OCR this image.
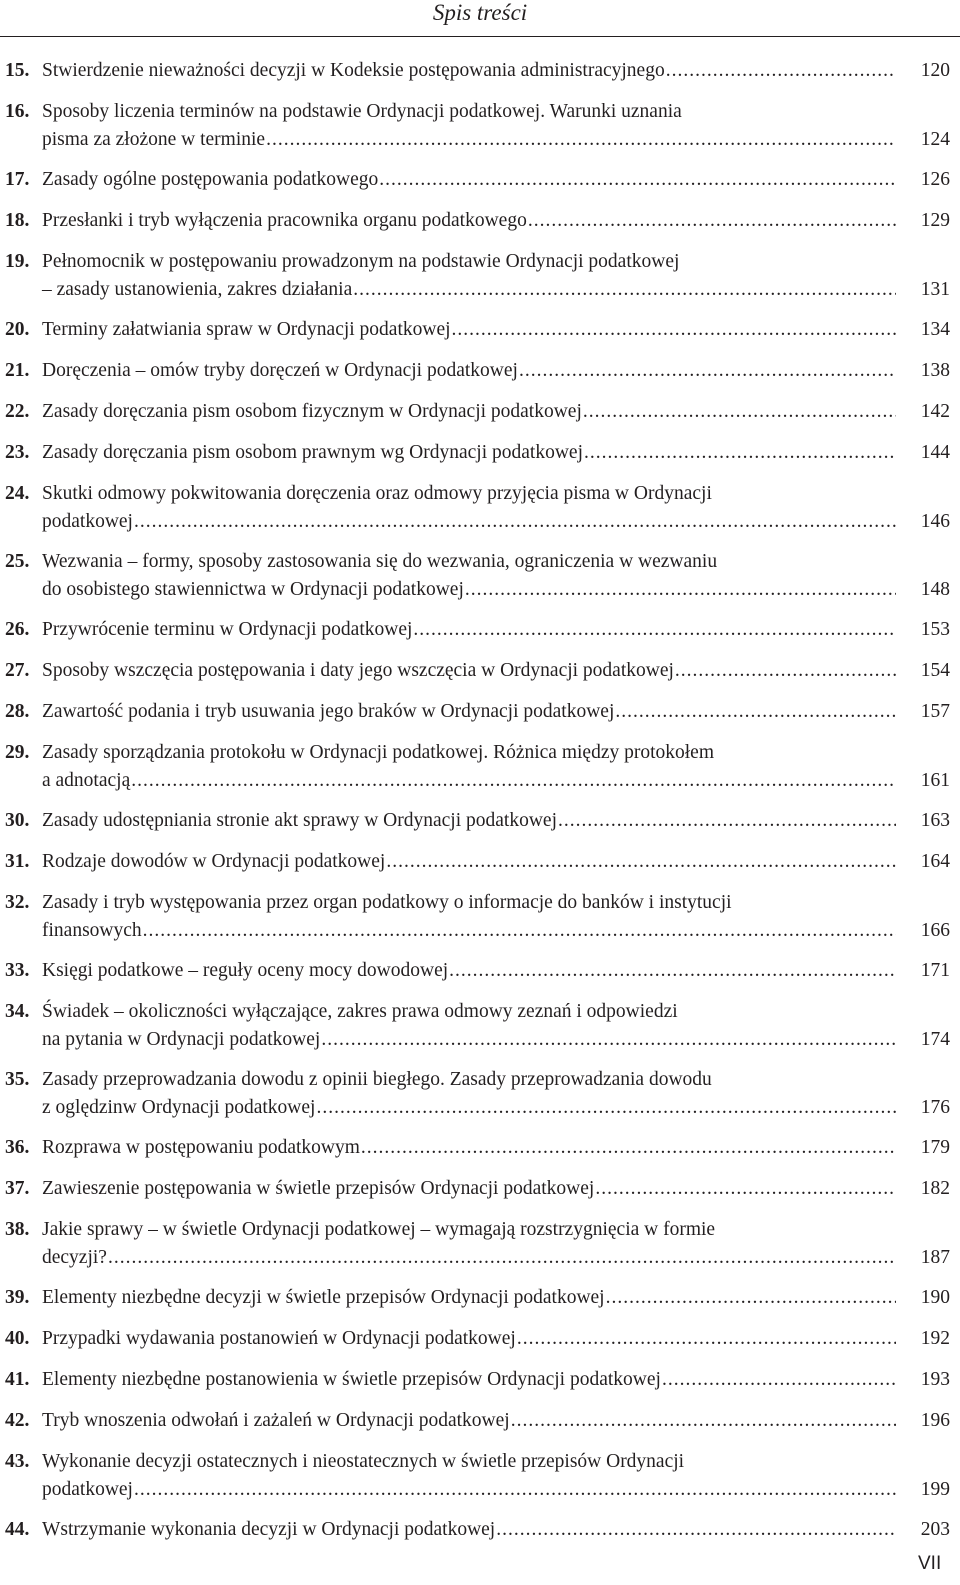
Spis treści
15. Stwierdzenie nieważności decyzji w Kodeksie postępowania administracyjnego .....	120
16. Sposoby liczenia terminów na podstawie Ordynacji podatkowej. Warunki uznania
pisma za złożone w terminie .....	124
17. Zasady ogólne postępowania podatkowego .....	126
18. Przesłanki i tryb wyłączenia pracownika organu podatkowego .....	129
19. Pełnomocnik w postępowaniu prowadzonym na podstawie Ordynacji podatkowej
– zasady ustanowienia, zakres działania .....	131
20. Terminy załatwiania spraw w Ordynacji podatkowej .....	134
21. Doręczenia – omów tryby doręczeń w Ordynacji podatkowej .....	138
22. Zasady doręczania pism osobom fizycznym w Ordynacji podatkowej .....	142
23. Zasady doręczania pism osobom prawnym wg Ordynacji podatkowej .....	144
24. Skutki odmowy pokwitowania doręczenia oraz odmowy przyjęcia pisma w Ordynacji
podatkowej .....	146
25. Wezwania – formy, sposoby zastosowania się do wezwania, ograniczenia w wezwaniu
do osobistego stawiennictwa w Ordynacji podatkowej .....	148
26. Przywrócenie terminu w Ordynacji podatkowej .....	153
27. Sposoby wszczęcia postępowania i daty jego wszczęcia w Ordynacji podatkowej .....	154
28. Zawartość podania i tryb usuwania jego braków w Ordynacji podatkowej .....	157
29. Zasady sporządzania protokołu w Ordynacji podatkowej. Różnica między protokołem
a adnotacją .....	161
30. Zasady udostępniania stronie akt sprawy w Ordynacji podatkowej .....	163
31. Rodzaje dowodów w Ordynacji podatkowej .....	164
32. Zasady i tryb występowania przez organ podatkowy o informacje do banków i instytucji
finansowych .....	166
33. Księgi podatkowe – reguły oceny mocy dowodowej .....	171
34. Świadek – okoliczności wyłączające, zakres prawa odmowy zeznań i odpowiedzi
na pytania w Ordynacji podatkowej .....	174
35. Zasady przeprowadzania dowodu z opinii biegłego. Zasady przeprowadzania dowodu
z oględzinw Ordynacji podatkowej .....	176
36. Rozprawa w postępowaniu podatkowym .....	179
37. Zawieszenie postępowania w świetle przepisów Ordynacji podatkowej .....	182
38. Jakie sprawy – w świetle Ordynacji podatkowej – wymagają rozstrzygnięcia w formie
decyzji? .....	187
39. Elementy niezbędne decyzji w świetle przepisów Ordynacji podatkowej .....	190
40. Przypadki wydawania postanowień w Ordynacji podatkowej .....	192
41. Elementy niezbędne postanowienia w świetle przepisów Ordynacji podatkowej .....	193
42. Tryb wnoszenia odwołań i zażaleń w Ordynacji podatkowej .....	196
43. Wykonanie decyzji ostatecznych i nieostatecznych w świetle przepisów Ordynacji
podatkowej .....	199
44. Wstrzymanie wykonania decyzji w Ordynacji podatkowej .....	203
VII
